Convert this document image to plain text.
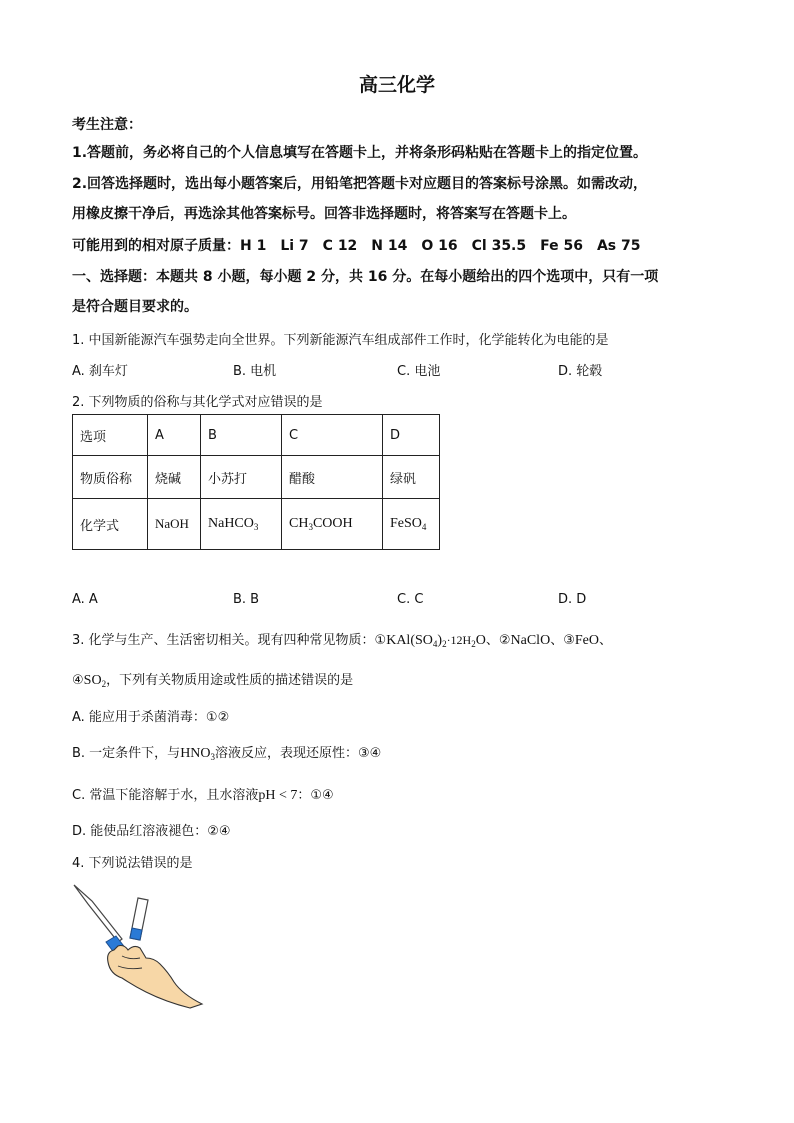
高三化学
考生注意：
1.答题前，务必将自己的个人信息填写在答题卡上，并将条形码粘贴在答题卡上的指定位置。
2.回答选择题时，选出每小题答案后，用铅笔把答题卡对应题目的答案标号涂黑。如需改动，
用橡皮擦干净后，再选涂其他答案标号。回答非选择题时，将答案写在答题卡上。
可能用到的相对原子质量：H 1　Li 7　C 12　N 14　O 16　Cl 35.5　Fe 56　As 75
一、选择题：本题共 8 小题，每小题 2 分，共 16 分。在每小题给出的四个选项中，只有一项
是符合题目要求的。
1. 中国新能源汽车强势走向全世界。下列新能源汽车组成部件工作时，化学能转化为电能的是
A. 刹车灯	B. 电机	C. 电池	D. 轮毂
2. 下列物质的俗称与其化学式对应错误的是
选项	A	B	C	D
物质俗称	烧碱	小苏打	醋酸	绿矾
化学式	NaOH	NaHCO$_3$	$CH_3COOH$	FeSO$_4$
A. A	B. B	C. C	D. D
3. 化学与生产、生活密切相关。现有四种常见物质：$①KAl(SO_4)_2\cdot 12H_2O$、②NaClO、③FeO、
$④SO_2$，下列有关物质用途或性质的描述错误的是
A. 能应用于杀菌消毒：①②
B. 一定条件下，与$HNO_3$溶液反应，表现还原性：③④
C. 常温下能溶解于水，且水溶液pH < 7：①④
D. 能使品红溶液褪色：②④
4. 下列说法错误的是
